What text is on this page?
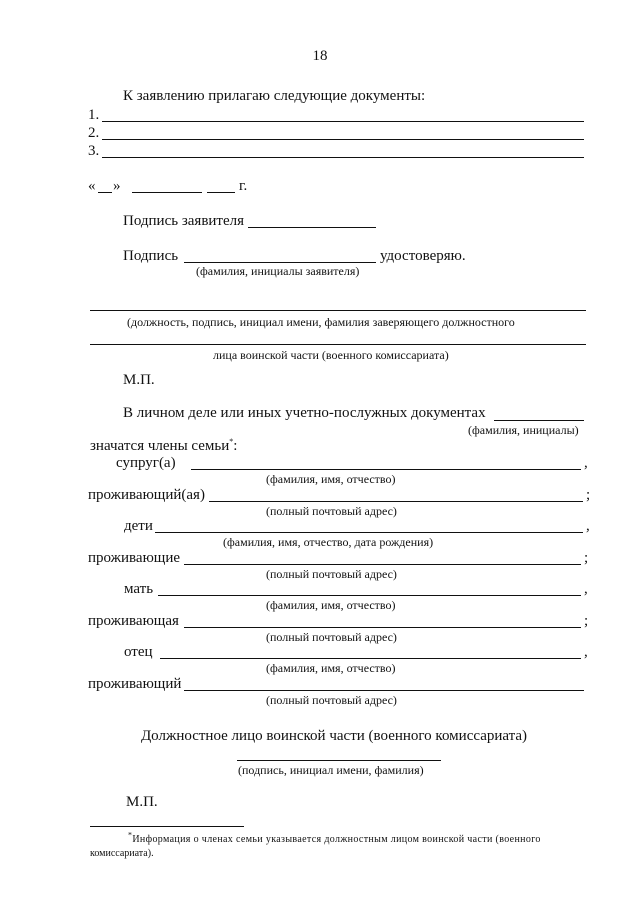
18
К заявлению прилагаю следующие документы:
1.
2.
3.
« »	г.
Подпись заявителя
Подпись	удостоверяю.
(фамилия, инициалы заявителя)
(должность, подпись, инициал имени, фамилия заверяющего должностного
лица воинской части (военного комиссариата)
М.П.
В личном деле или иных учетно-послужных документах
(фамилия, инициалы)
значатся члены семьи*:
супруг(а)	,
(фамилия, имя, отчество)
проживающий(ая)	;
(полный почтовый адрес)
дети	,
(фамилия, имя, отчество, дата рождения)
проживающие	;
(полный почтовый адрес)
мать	,
(фамилия, имя, отчество)
проживающая	;
(полный почтовый адрес)
отец	,
(фамилия, имя, отчество)
проживающий
(полный почтовый адрес)
Должностное лицо воинской части (военного комиссариата)
(подпись, инициал имени, фамилия)
М.П.
*Информация о членах семьи указывается должностным лицом воинской части (военного
комиссариата).
